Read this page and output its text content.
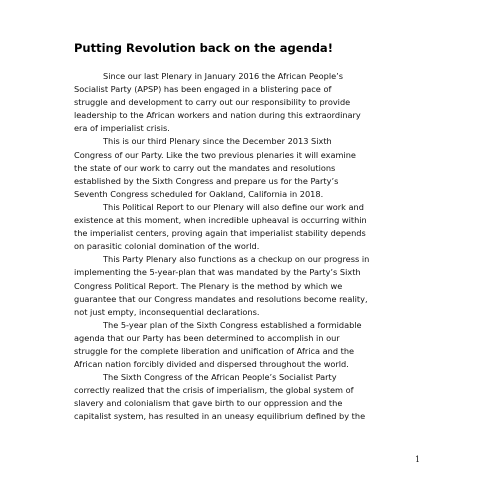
Putting Revolution back on the agenda!

Since our last Plenary in January 2016 the African People’s
Socialist Party (APSP) has been engaged in a blistering pace of
struggle and development to carry out our responsibility to provide
leadership to the African workers and nation during this extraordinary
era of imperialist crisis.

This is our third Plenary since the December 2013 Sixth
Congress of our Party. Like the two previous plenaries it will examine
the state of our work to carry out the mandates and resolutions
established by the Sixth Congress and prepare us for the Party’s
Seventh Congress scheduled for Oakland, California in 2018.

This Political Report to our Plenary will also define our work and
existence at this moment, when incredible upheaval is occurring within
the imperialist centers, proving again that imperialist stability depends
on parasitic colonial domination of the world.

This Party Plenary also functions as a checkup on our progress in
implementing the 5-year-plan that was mandated by the Party’s Sixth
Congress Political Report. The Plenary is the method by which we
guarantee that our Congress mandates and resolutions become reality,
not just empty, inconsequential declarations.

The 5-year plan of the Sixth Congress established a formidable
agenda that our Party has been determined to accomplish in our
struggle for the complete liberation and unification of Africa and the
African nation forcibly divided and dispersed throughout the world.

The Sixth Congress of the African People’s Socialist Party
correctly realized that the crisis of imperialism, the global system of
slavery and colonialism that gave birth to our oppression and the
capitalist system, has resulted in an uneasy equilibrium defined by the

1
